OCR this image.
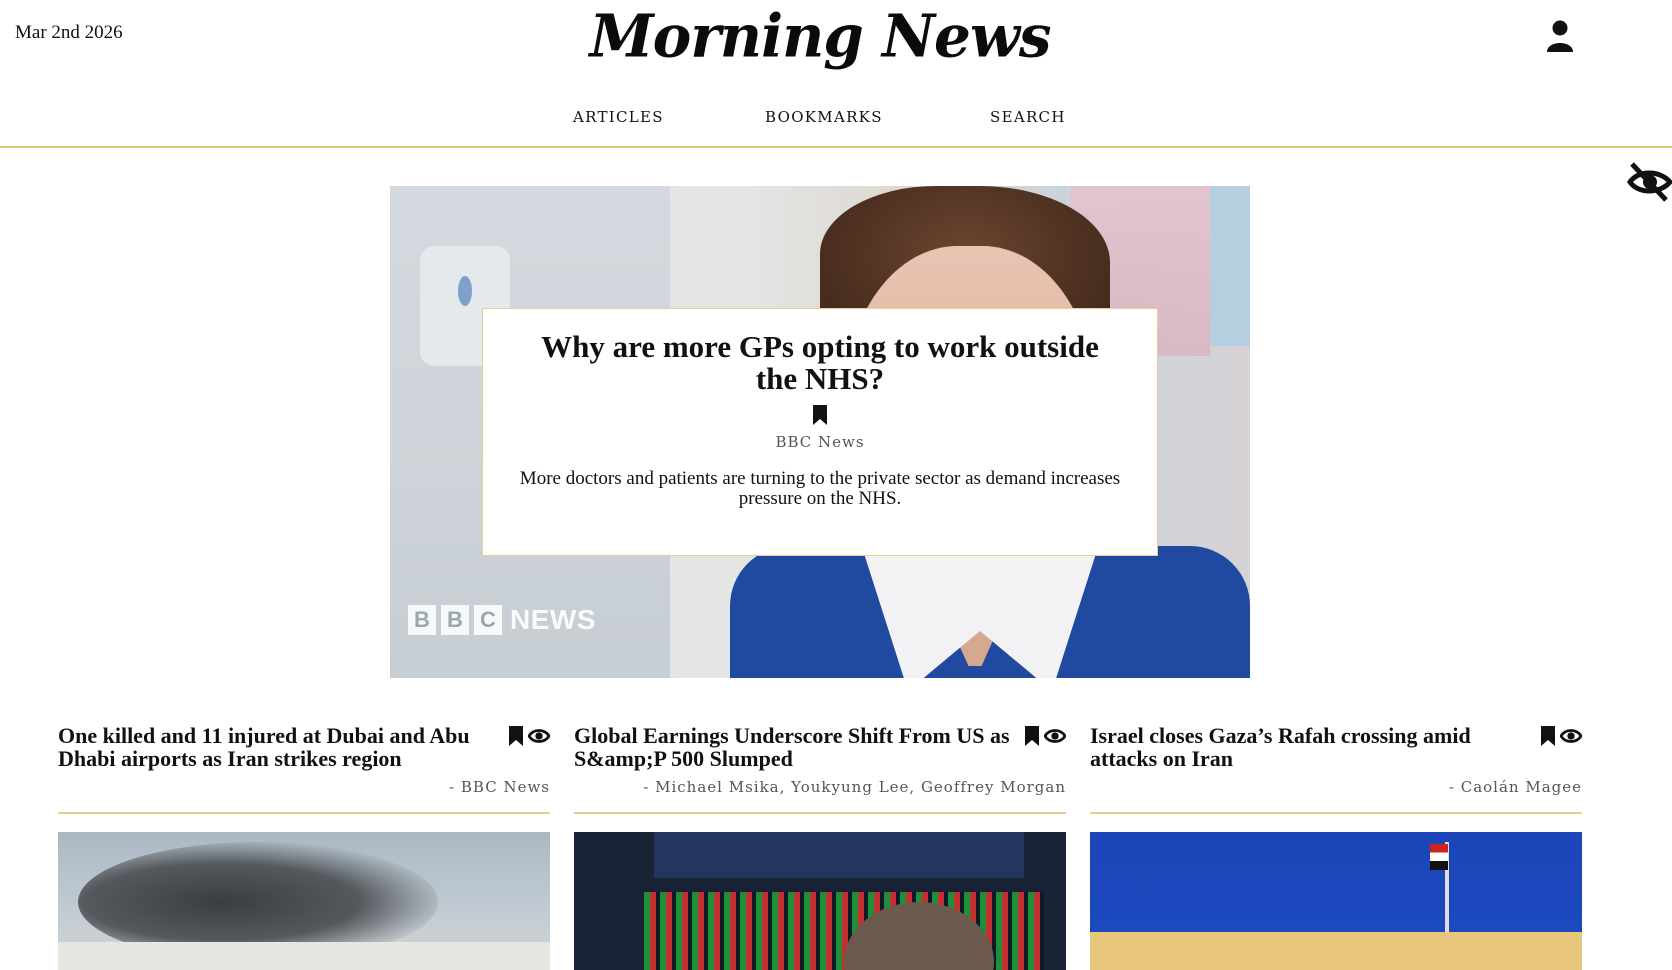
Mar 2nd 2026	Morning News
ARTICLES	BOOKMARKS	SEARCH
B B C NEWS
Why are more GPs opting to work outside the NHS?
BBC News

More doctors and patients are turning to the private sector as demand increases pressure on the NHS.

One killed and 11 injured at Dubai and Abu Dhabi airports as Iran strikes region
- BBC News
Global Earnings Underscore Shift From US as S&amp;P 500 Slumped
- Michael Msika, Youkyung Lee, Geoffrey Morgan
Israel closes Gaza’s Rafah crossing amid attacks on Iran
- Caolán Magee
